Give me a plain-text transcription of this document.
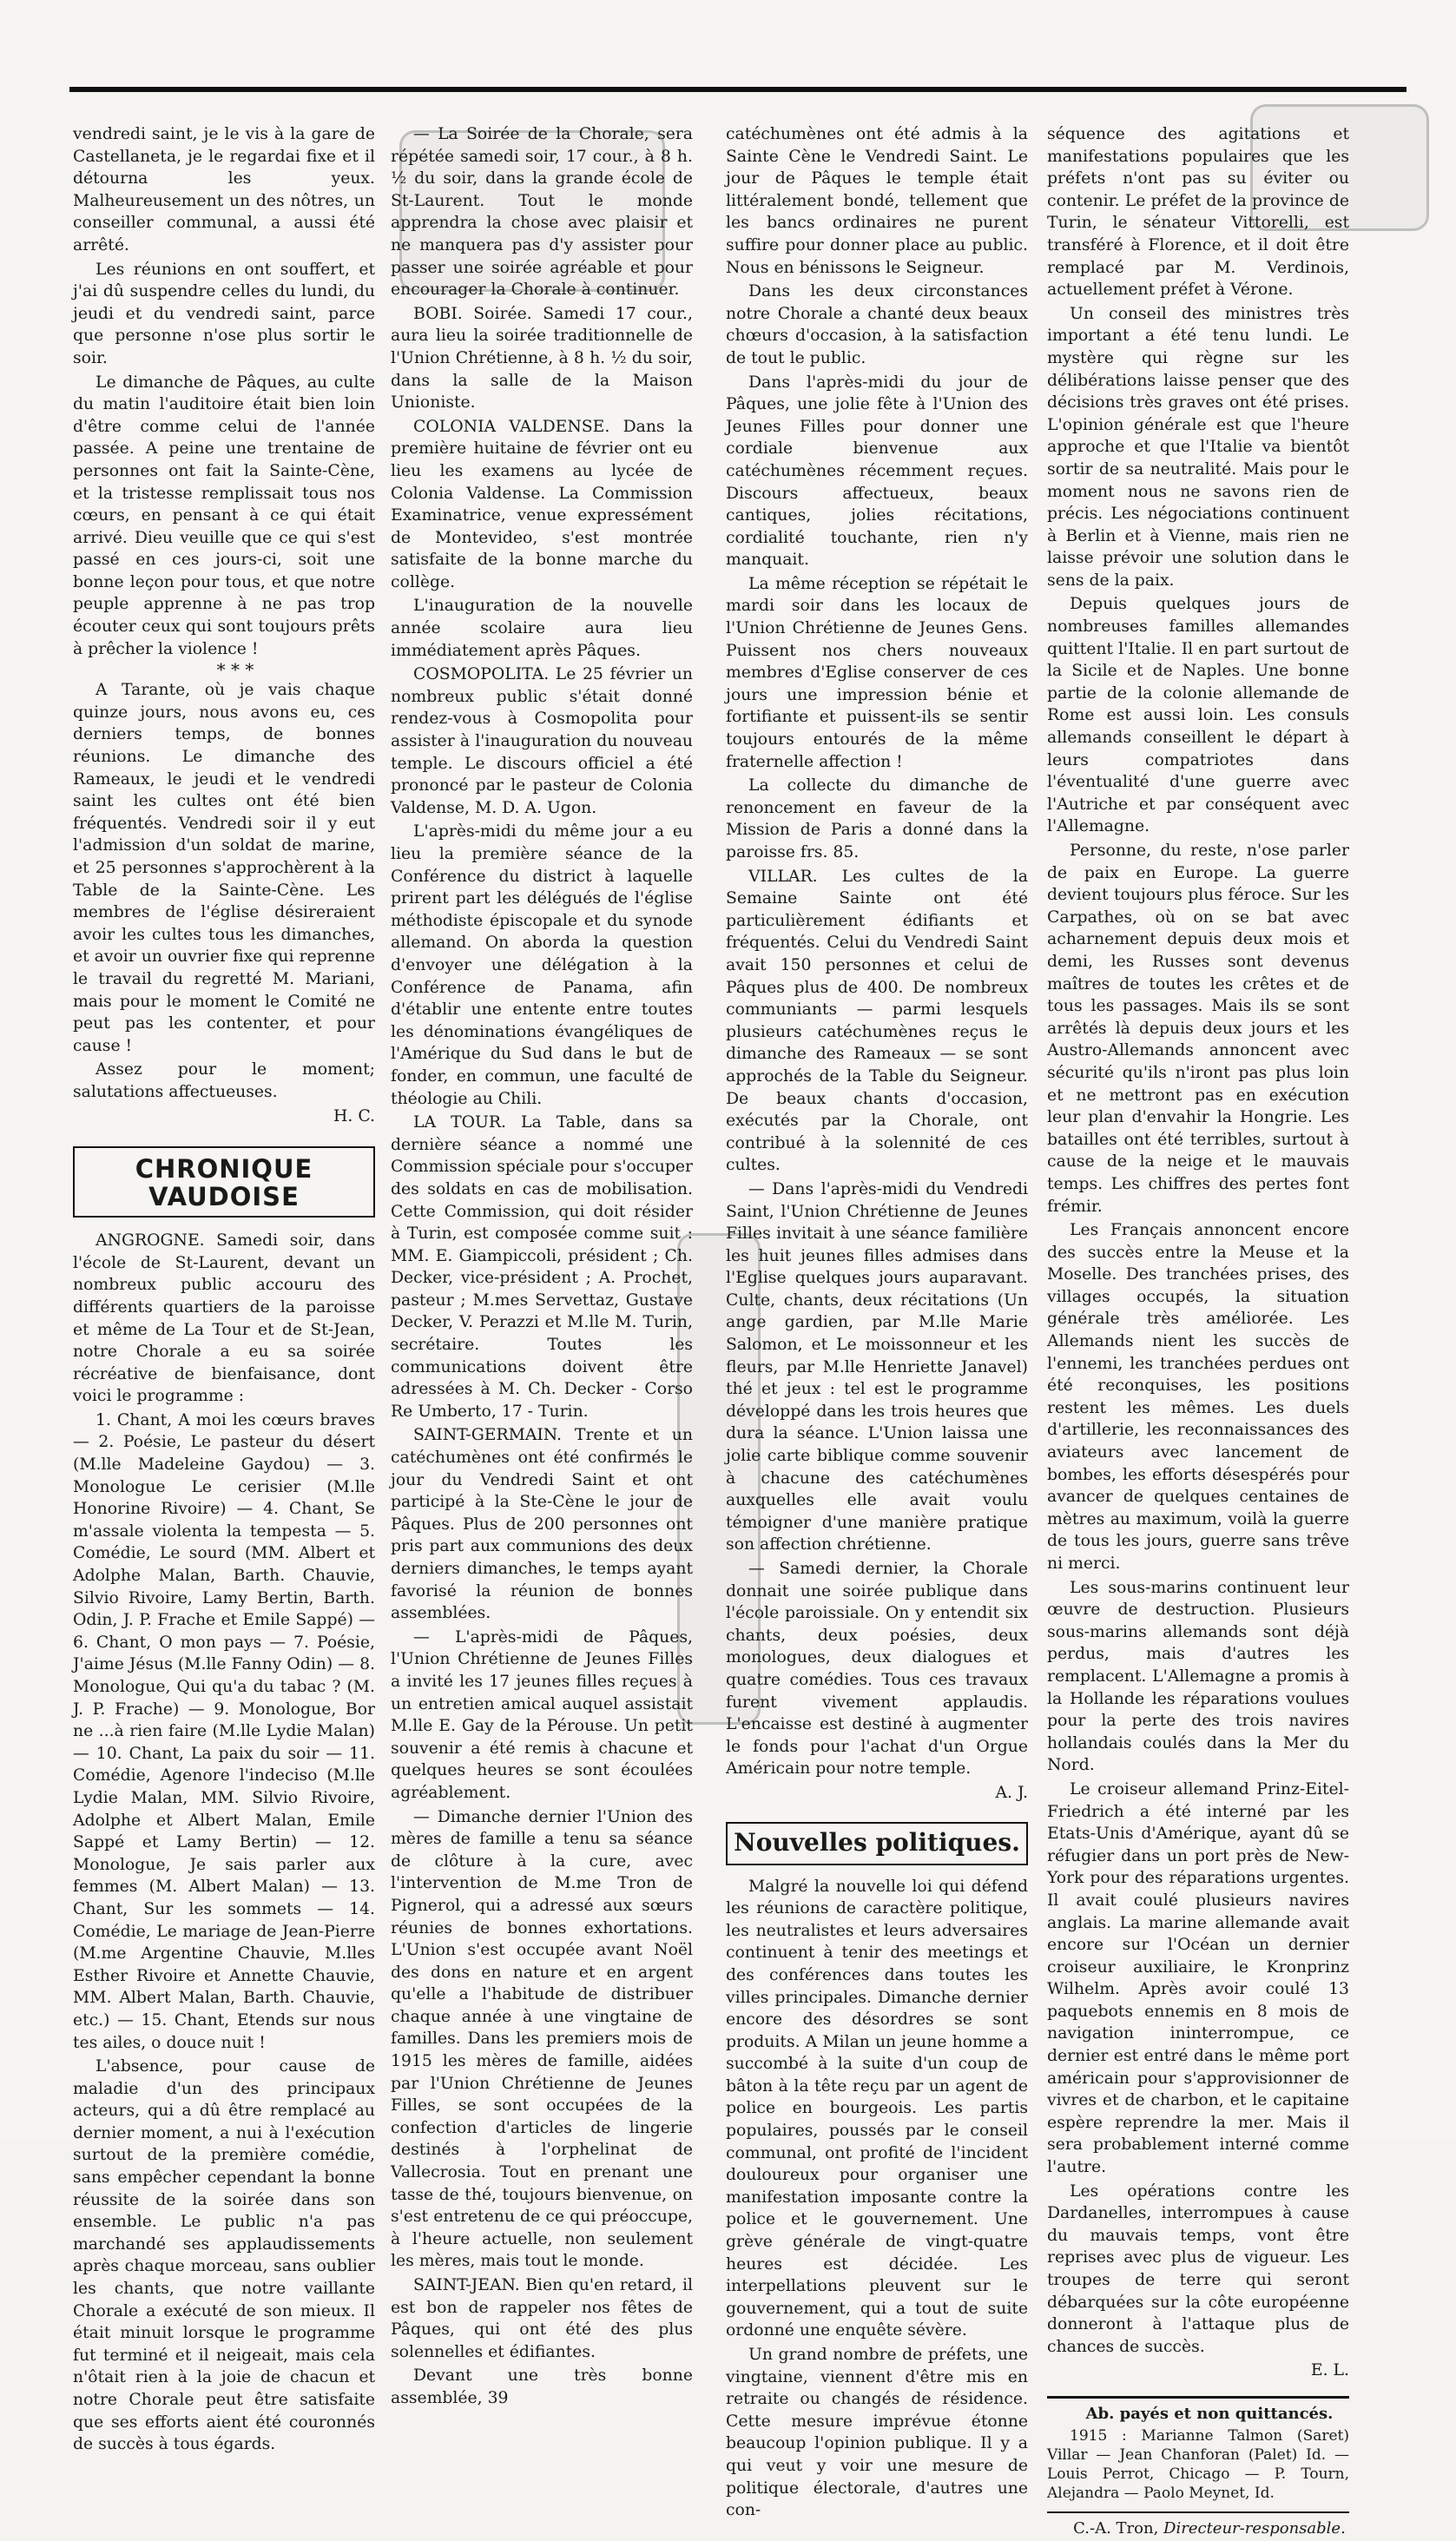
vendredi saint, je le vis à la gare de Castellaneta, je le regardai fixe et il détourna les yeux. Malheureusement un des nôtres, un conseiller communal, a aussi été arrêté.

Les réunions en ont souffert, et j'ai dû suspendre celles du lundi, du jeudi et du vendredi saint, parce que personne n'ose plus sortir le soir.

Le dimanche de Pâques, au culte du matin l'auditoire était bien loin d'être comme celui de l'année passée. A peine une trentaine de personnes ont fait la Sainte-Cène, et la tristesse remplissait tous nos cœurs, en pensant à ce qui était arrivé. Dieu veuille que ce qui s'est passé en ces jours-ci, soit une bonne leçon pour tous, et que notre peuple apprenne à ne pas trop écouter ceux qui sont toujours prêts à prêcher la violence !

* * *

A Tarante, où je vais chaque quinze jours, nous avons eu, ces derniers temps, de bonnes réunions. Le dimanche des Rameaux, le jeudi et le vendredi saint les cultes ont été bien fréquentés. Vendredi soir il y eut l'admission d'un soldat de marine, et 25 personnes s'approchèrent à la Table de la Sainte-Cène. Les membres de l'église désireraient avoir les cultes tous les dimanches, et avoir un ouvrier fixe qui reprenne le travail du regretté M. Mariani, mais pour le moment le Comité ne peut pas les contenter, et pour cause !

Assez pour le moment; salutations affectueuses.

H. C.

CHRONIQUE VAUDOISE

ANGROGNE. Samedi soir, dans l'école de St-Laurent, devant un nombreux public accouru des différents quartiers de la paroisse et même de La Tour et de St-Jean, notre Chorale a eu sa soirée récréative de bienfaisance, dont voici le programme :

1. Chant, A moi les cœurs braves — 2. Poésie, Le pasteur du désert (M.lle Madeleine Gaydou) — 3. Monologue Le cerisier (M.lle Honorine Rivoire) — 4. Chant, Se m'assale violenta la tempesta — 5. Comédie, Le sourd (MM. Albert et Adolphe Malan, Barth. Chauvie, Silvio Rivoire, Lamy Bertin, Barth. Odin, J. P. Frache et Emile Sappé) — 6. Chant, O mon pays — 7. Poésie, J'aime Jésus (M.lle Fanny Odin) — 8. Monologue, Qui qu'a du tabac ? (M. J. P. Frache) — 9. Monologue, Bor ne ...à rien faire (M.lle Lydie Malan) — 10. Chant, La paix du soir — 11. Comédie, Agenore l'indeciso (M.lle Lydie Malan, MM. Silvio Rivoire, Adolphe et Albert Malan, Emile Sappé et Lamy Bertin) — 12. Monologue, Je sais parler aux femmes (M. Albert Malan) — 13. Chant, Sur les sommets — 14. Comédie, Le mariage de Jean-Pierre (M.me Argentine Chauvie, M.lles Esther Rivoire et Annette Chauvie, MM. Albert Malan, Barth. Chauvie, etc.) — 15. Chant, Etends sur nous tes ailes, o douce nuit !

L'absence, pour cause de maladie d'un des principaux acteurs, qui a dû être remplacé au dernier moment, a nui à l'exécution surtout de la première comédie, sans empêcher cependant la bonne réussite de la soirée dans son ensemble. Le public n'a pas marchandé ses applaudissements après chaque morceau, sans oublier les chants, que notre vaillante Chorale a exécuté de son mieux. Il était minuit lorsque le programme fut terminé et il neigeait, mais cela n'ôtait rien à la joie de chacun et notre Chorale peut être satisfaite que ses efforts aient été couronnés de succès à tous égards.

— La Soirée de la Chorale, sera répétée samedi soir, 17 cour., à 8 h. ½ du soir, dans la grande école de St-Laurent. Tout le monde apprendra la chose avec plaisir et ne manquera pas d'y assister pour passer une soirée agréable et pour encourager la Chorale à continuer.

BOBI. Soirée. Samedi 17 cour., aura lieu la soirée traditionnelle de l'Union Chrétienne, à 8 h. ½ du soir, dans la salle de la Maison Unioniste.

COLONIA VALDENSE. Dans la première huitaine de février ont eu lieu les examens au lycée de Colonia Valdense. La Commission Examinatrice, venue expressément de Montevideo, s'est montrée satisfaite de la bonne marche du collège.

L'inauguration de la nouvelle année scolaire aura lieu immédiatement après Pâques.

COSMOPOLITA. Le 25 février un nombreux public s'était donné rendez-vous à Cosmopolita pour assister à l'inauguration du nouveau temple. Le discours officiel a été prononcé par le pasteur de Colonia Valdense, M. D. A. Ugon.

L'après-midi du même jour a eu lieu la première séance de la Conférence du district à laquelle prirent part les délégués de l'église méthodiste épiscopale et du synode allemand. On aborda la question d'envoyer une délégation à la Conférence de Panama, afin d'établir une entente entre toutes les dénominations évangéliques de l'Amérique du Sud dans le but de fonder, en commun, une faculté de théologie au Chili.

LA TOUR. La Table, dans sa dernière séance a nommé une Commission spéciale pour s'occuper des soldats en cas de mobilisation. Cette Commission, qui doit résider à Turin, est composée comme suit : MM. E. Giampiccoli, président ; Ch. Decker, vice-président ; A. Prochet, pasteur ; M.mes Servettaz, Gustave Decker, V. Perazzi et M.lle M. Turin, secrétaire. Toutes les communications doivent être adressées à M. Ch. Decker - Corso Re Umberto, 17 - Turin.

SAINT-GERMAIN. Trente et un catéchumènes ont été confirmés le jour du Vendredi Saint et ont participé à la Ste-Cène le jour de Pâques. Plus de 200 personnes ont pris part aux communions des deux derniers dimanches, le temps ayant favorisé la réunion de bonnes assemblées.

— L'après-midi de Pâques, l'Union Chrétienne de Jeunes Filles a invité les 17 jeunes filles reçues à un entretien amical auquel assistait M.lle E. Gay de la Pérouse. Un petit souvenir a été remis à chacune et quelques heures se sont écoulées agréablement.

— Dimanche dernier l'Union des mères de famille a tenu sa séance de clôture à la cure, avec l'intervention de M.me Tron de Pignerol, qui a adressé aux sœurs réunies de bonnes exhortations. L'Union s'est occupée avant Noël des dons en nature et en argent qu'elle a l'habitude de distribuer chaque année à une vingtaine de familles. Dans les premiers mois de 1915 les mères de famille, aidées par l'Union Chrétienne de Jeunes Filles, se sont occupées de la confection d'articles de lingerie destinés à l'orphelinat de Vallecrosia. Tout en prenant une tasse de thé, toujours bienvenue, on s'est entretenu de ce qui préoccupe, à l'heure actuelle, non seulement les mères, mais tout le monde.

SAINT-JEAN. Bien qu'en retard, il est bon de rappeler nos fêtes de Pâques, qui ont été des plus solennelles et édifiantes.

Devant une très bonne assemblée, 39

catéchumènes ont été admis à la Sainte Cène le Vendredi Saint. Le jour de Pâques le temple était littéralement bondé, tellement que les bancs ordinaires ne purent suffire pour donner place au public. Nous en bénissons le Seigneur.

Dans les deux circonstances notre Chorale a chanté deux beaux chœurs d'occasion, à la satisfaction de tout le public.

Dans l'après-midi du jour de Pâques, une jolie fête à l'Union des Jeunes Filles pour donner une cordiale bienvenue aux catéchumènes récemment reçues. Discours affectueux, beaux cantiques, jolies récitations, cordialité touchante, rien n'y manquait.

La même réception se répétait le mardi soir dans les locaux de l'Union Chrétienne de Jeunes Gens. Puissent nos chers nouveaux membres d'Eglise conserver de ces jours une impression bénie et fortifiante et puissent-ils se sentir toujours entourés de la même fraternelle affection !

La collecte du dimanche de renoncement en faveur de la Mission de Paris a donné dans la paroisse frs. 85.

VILLAR. Les cultes de la Semaine Sainte ont été particulièrement édifiants et fréquentés. Celui du Vendredi Saint avait 150 personnes et celui de Pâques plus de 400. De nombreux communiants — parmi lesquels plusieurs catéchumènes reçus le dimanche des Rameaux — se sont approchés de la Table du Seigneur. De beaux chants d'occasion, exécutés par la Chorale, ont contribué à la solennité de ces cultes.

— Dans l'après-midi du Vendredi Saint, l'Union Chrétienne de Jeunes Filles invitait à une séance familière les huit jeunes filles admises dans l'Eglise quelques jours auparavant. Culte, chants, deux récitations (Un ange gardien, par M.lle Marie Salomon, et Le moissonneur et les fleurs, par M.lle Henriette Janavel) thé et jeux : tel est le programme développé dans les trois heures que dura la séance. L'Union laissa une jolie carte biblique comme souvenir à chacune des catéchumènes auxquelles elle avait voulu témoigner d'une manière pratique son affection chrétienne.

— Samedi dernier, la Chorale donnait une soirée publique dans l'école paroissiale. On y entendit six chants, deux poésies, deux monologues, deux dialogues et quatre comédies. Tous ces travaux furent vivement applaudis. L'encaisse est destiné à augmenter le fonds pour l'achat d'un Orgue Américain pour notre temple.

A. J.

Nouvelles politiques.

Malgré la nouvelle loi qui défend les réunions de caractère politique, les neutralistes et leurs adversaires continuent à tenir des meetings et des conférences dans toutes les villes principales. Dimanche dernier encore des désordres se sont produits. A Milan un jeune homme a succombé à la suite d'un coup de bâton à la tête reçu par un agent de police en bourgeois. Les partis populaires, poussés par le conseil communal, ont profité de l'incident douloureux pour organiser une manifestation imposante contre la police et le gouvernement. Une grève générale de vingt-quatre heures est décidée. Les interpellations pleuvent sur le gouvernement, qui a tout de suite ordonné une enquête sévère.

Un grand nombre de préfets, une vingtaine, viennent d'être mis en retraite ou changés de résidence. Cette mesure imprévue étonne beaucoup l'opinion publique. Il y a qui veut y voir une mesure de politique électorale, d'autres une con-

séquence des agitations et manifestations populaires que les préfets n'ont pas su éviter ou contenir. Le préfet de la province de Turin, le sénateur Vittorelli, est transféré à Florence, et il doit être remplacé par M. Verdinois, actuellement préfet à Vérone.

Un conseil des ministres très important a été tenu lundi. Le mystère qui règne sur les délibérations laisse penser que des décisions très graves ont été prises. L'opinion générale est que l'heure approche et que l'Italie va bientôt sortir de sa neutralité. Mais pour le moment nous ne savons rien de précis. Les négociations continuent à Berlin et à Vienne, mais rien ne laisse prévoir une solution dans le sens de la paix.

Depuis quelques jours de nombreuses familles allemandes quittent l'Italie. Il en part surtout de la Sicile et de Naples. Une bonne partie de la colonie allemande de Rome est aussi loin. Les consuls allemands conseillent le départ à leurs compatriotes dans l'éventualité d'une guerre avec l'Autriche et par conséquent avec l'Allemagne.

Personne, du reste, n'ose parler de paix en Europe. La guerre devient toujours plus féroce. Sur les Carpathes, où on se bat avec acharnement depuis deux mois et demi, les Russes sont devenus maîtres de toutes les crêtes et de tous les passages. Mais ils se sont arrêtés là depuis deux jours et les Austro-Allemands annoncent avec sécurité qu'ils n'iront pas plus loin et ne mettront pas en exécution leur plan d'envahir la Hongrie. Les batailles ont été terribles, surtout à cause de la neige et le mauvais temps. Les chiffres des pertes font frémir.

Les Français annoncent encore des succès entre la Meuse et la Moselle. Des tranchées prises, des villages occupés, la situation générale très améliorée. Les Allemands nient les succès de l'ennemi, les tranchées perdues ont été reconquises, les positions restent les mêmes. Les duels d'artillerie, les reconnaissances des aviateurs avec lancement de bombes, les efforts désespérés pour avancer de quelques centaines de mètres au maximum, voilà la guerre de tous les jours, guerre sans trêve ni merci.

Les sous-marins continuent leur œuvre de destruction. Plusieurs sous-marins allemands sont déjà perdus, mais d'autres les remplacent. L'Allemagne a promis à la Hollande les réparations voulues pour la perte des trois navires hollandais coulés dans la Mer du Nord.

Le croiseur allemand Prinz-Eitel-Friedrich a été interné par les Etats-Unis d'Amérique, ayant dû se réfugier dans un port près de New-York pour des réparations urgentes. Il avait coulé plusieurs navires anglais. La marine allemande avait encore sur l'Océan un dernier croiseur auxiliaire, le Kronprinz Wilhelm. Après avoir coulé 13 paquebots ennemis en 8 mois de navigation ininterrompue, ce dernier est entré dans le même port américain pour s'approvisionner de vivres et de charbon, et le capitaine espère reprendre la mer. Mais il sera probablement interné comme l'autre.

Les opérations contre les Dardanelles, interrompues à cause du mauvais temps, vont être reprises avec plus de vigueur. Les troupes de terre qui seront débarquées sur la côte européenne donneront à l'attaque plus de chances de succès.

E. L.

Ab. payés et non quittancés.

1915 : Marianne Talmon (Saret) Villar — Jean Chanforan (Palet) Id. — Louis Perrot, Chicago — P. Tourn, Alejandra — Paolo Meynet, Id.

C.-A. Tron, Directeur-responsable.
